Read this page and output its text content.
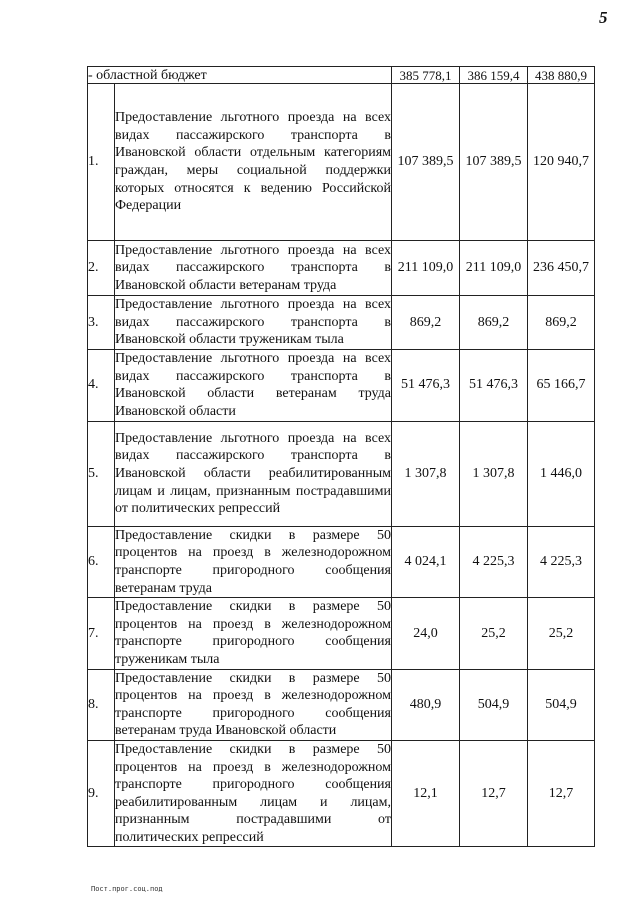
5
- областной бюджет		385 778,1	386 159,4	438 880,9
1.	Предоставление льготного проезда на всех видах пассажирского транспорта в Ивановской области отдельным категориям граждан, меры социальной поддержки которых относятся к ведению Российской Федерации	107 389,5	107 389,5	120 940,7
2.	Предоставление льготного проезда на всех видах пассажирского транспорта в Ивановской области ветеранам труда	211 109,0	211 109,0	236 450,7
3.	Предоставление льготного проезда на всех видах пассажирского транспорта в Ивановской области труженикам тыла	869,2	869,2	869,2
4.	Предоставление льготного проезда на всех видах пассажирского транспорта в Ивановской области ветеранам труда Ивановской области	51 476,3	51 476,3	65 166,7
5.	Предоставление льготного проезда на всех видах пассажирского транспорта в Ивановской области реабилитированным лицам и лицам, признанным пострадавшими от политических репрессий	1 307,8	1 307,8	1 446,0
6.	Предоставление скидки в размере 50 процентов на проезд в железнодорожном транспорте пригородного сообщения ветеранам труда	4 024,1	4 225,3	4 225,3
7.	Предоставление скидки в размере 50 процентов на проезд в железнодорожном транспорте пригородного сообщения труженикам тыла	24,0	25,2	25,2
8.	Предоставление скидки в размере 50 процентов на проезд в железнодорожном транспорте пригородного сообщения ветеранам труда Ивановской области	480,9	504,9	504,9
9.	Предоставление скидки в размере 50 процентов на проезд в железнодорожном транспорте пригородного сообщения реабилитированным лицам и лицам, признанным пострадавшими от политических репрессий	12,1	12,7	12,7
Пост.прог.соц.под
